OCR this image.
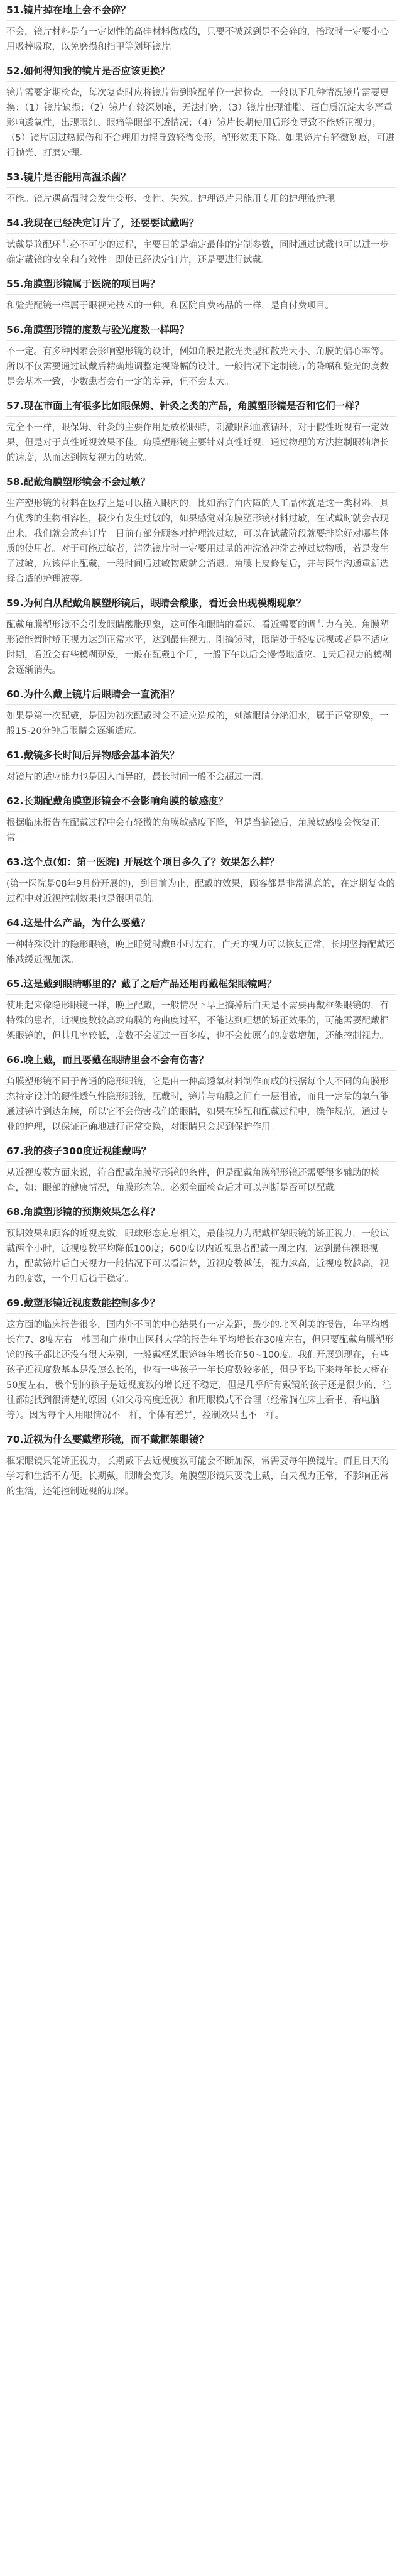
51.镜片掉在地上会不会碎？

不会，镜片材料是有一定韧性的高硅材料做成的，只要不被踩到是不会碎的，拾取时一定要小心用吸棒吸取，以免磨损和指甲等划坏镜片。

52.如何得知我的镜片是否应该更换？

镜片需要定期检查，每次复查时应将镜片带到验配单位一起检查。一般以下几种情况镜片需要更换：（1）镜片缺损；（2）镜片有较深划痕，无法打磨；（3）镜片出现油脂、蛋白质沉淀太多严重影响透氧性，出现眼红、眼痛等眼部不适情况；（4）镜片长期使用后形变导致不能矫正视力；（5）镜片因过热损伤和不合理用力捏导致轻微变形，塑形效果下降。如果镜片有轻微划痕，可进行抛光、打磨处理。

53.镜片是否能用高温杀菌？

不能。镜片遇高温时会发生变形、变性、失效。护理镜片只能用专用的护理液护理。

54.我现在已经决定订片了，还要要试戴吗？

试戴是验配环节必不可少的过程，主要目的是确定最佳的定制参数，同时通过试戴也可以进一步确定戴镜的安全和有效性。即使已经决定订片，还是要进行试戴。

55.角膜塑形镜属于医院的项目吗？

和验光配镜一样属于眼视光技术的一种。和医院自费药品的一样，是自付费项目。

56.角膜塑形镜的度数与验光度数一样吗？

不一定。有多种因素会影响塑形镜的设计，例如角膜是散光类型和散光大小、角膜的偏心率等。所以不仅需要通过试戴后精确地调整定视降幅的设计。一般情况下定制镜片的降幅和验光的度数是会基本一致，少数患者会有一定的差异，但不会太大。

57.现在市面上有很多比如眼保姆、针灸之类的产品，角膜塑形镜是否和它们一样？

完全不一样，眼保姆、针灸的主要作用是放松眼睛，刺激眼部血液循环，对于假性近视有一定效果，但是对于真性近视效果不佳。角膜塑形镜主要针对真性近视，通过物理的方法控制眼轴增长的速度，从而达到恢复视力的功效。

58.配戴角膜塑形镜会不会过敏？

生产塑形镜的材料在医疗上是可以植入眼内的，比如治疗白内障的人工晶体就是这一类材料，具有优秀的生物相容性，极少有发生过敏的，如果感觉对角膜塑形镜材料过敏，在试戴时就会表现出来，我们就会放弃订片。目前有部分顾客对护理液过敏，可以在试戴阶段就要排除好对哪些体质的使用者。对于可能过敏者，清洗镜片时一定要用过量的冲洗液冲洗去掉过敏物质，若是发生了过敏，应该停止配戴，一段时间后过敏物质就会消退。角膜上皮修复后，并与医生沟通重新选择合适的护理液等。

59.为何白从配戴角膜塑形镜后，眼睛会酸胀，看近会出现模糊现象？

配戴角膜塑形镜不会引发眼睛酸胀现象，这可能和眼睛的看远、看近需要的调节力有关。角膜塑形镜能暂时矫正视力达到正常水平，达到最佳视力。刚摘镜时，眼睛处于轻度远视或者是不适应时期，看近会有些模糊现象，一般在配戴1个月，一般下午以后会慢慢地适应。1天后视力的模糊会逐渐消失。

60.为什么戴上镜片后眼睛会一直流泪？

如果是第一次配戴，是因为初次配戴时会不适应造成的，刺激眼睛分泌泪水，属于正常现象，一般15-20分钟后眼睛会逐渐适应。

61.戴镜多长时间后异物感会基本消失？

对镜片的适应能力也是因人而异的，最长时间一般不会超过一周。

62.长期配戴角膜塑形镜会不会影响角膜的敏感度？

根据临床报告在配戴过程中会有轻微的角膜敏感度下降，但是当摘镜后，角膜敏感度会恢复正常。

63.这个点(如：第一医院) 开展这个项目多久了？效果怎么样？

(第一医院是08年9月份开展的)，到目前为止，配戴的效果，顾客都是非常满意的，在定期复查的过程中对近视控制效果也是很明显的。

64.这是什么产品，为什么要戴？

一种特殊设计的隐形眼镜，晚上睡觉时戴8小时左右，白天的视力可以恢复正常，长期坚持配戴还能减缓近视加深。

65.这是戴到眼睛哪里的？戴了之后产品还用再戴框架眼镜吗？

使用起来像隐形眼镜一样，晚上配戴，一般情况下早上摘掉后白天是不需要再戴框架眼镜的，有特殊的患者，近视度数较高或角膜的弯曲度过平，不能达到理想的矫正效果的，可能需要配戴框架眼镜的，但其几率较低，度数不会超过一百多度，也不会使原有的度数增加，还能控制视力。

66.晚上戴，而且要戴在眼睛里会不会有伤害？

角膜塑形镜不同于普通的隐形眼镜，它是由一种高透氧材料制作而成的根据每个人不同的角膜形态特定设计的硬性透气性隐形眼镜，配戴时，镜片与角膜之间有一层泪液，而且一定量的氧气能通过镜片到达角膜，所以它不会伤害我们的眼睛，如果在验配和配戴过程中，操作规范，通过专业的护理，以保证正确地进行正常交换，对眼睛只会起到保护作用。

67.我的孩子300度近视能戴吗？

从近视度数方面来说，符合配戴角膜塑形镜的条件，但是配戴角膜塑形镜还需要很多辅助的检查，如：眼部的健康情况，角膜形态等。必须全面检查后才可以判断是否可以配戴。

68.角膜塑形镜的预期效果怎么样？

预期效果和顾客的近视度数，眼球形态息息相关，最佳视力为配戴框架眼镜的矫正视力，一般试戴两个小时，近视度数平均降低100度；600度以内近视患者配戴一周之内，达到最佳裸眼视力，配戴镜片后白天视力一般情况下可以看清楚，近视度数越低，视力越高，近视度数越高，视力的度数，一个月后趋于稳定。

69.戴塑形镜近视度数能控制多少？

这方面的临床报告很多，国内外不同的中心结果有一定差距，最少的北医利美的报告，年平均增长在7、8度左右。韩国和广州中山医科大学的报告年平均增长在30度左右，但只要配戴角膜塑形镜的孩子都比还没有很大差别，一般戴框架眼镜每年增长在50~100度。我们开展到现在，有些孩子近视度数基本是没怎么长的，也有一些孩子一年长度数较多的，但是平均下来每年长大概在50度左右，极个别的孩子是近视度数的增长还不稳定，但是几乎所有戴镜的孩子还是很少的，往往都能找到很清楚的原因（如父母高度近视）和用眼模式不合理（经常躺在床上看书、看电脑等）。因为每个人用眼情况不一样，个体有差异，控制效果也不一样。

70.近视为什么要戴塑形镜，而不戴框架眼镜？

框架眼镜只能矫正视力，长期戴下去近视度数可能会不断加深，常需要每年换镜片。而且日天的学习和生活不方便。长期戴，眼睛会变形。角膜塑形镜只要晚上戴，白天视力正常，不影响正常的生活，还能控制近视的加深。
